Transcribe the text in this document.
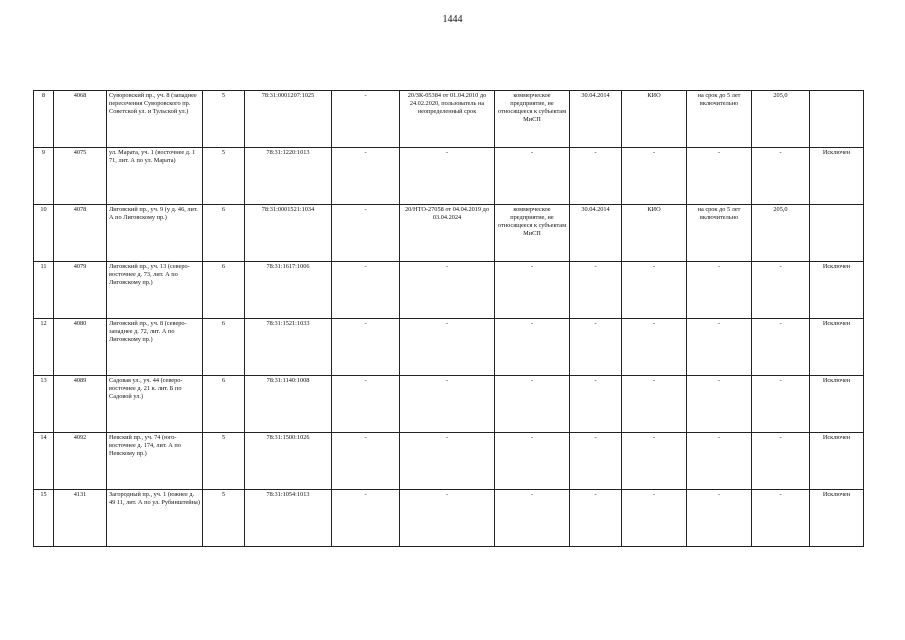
1444
8	4068	Суворовский пр., уч. 8 (западнее пересечения Суворовского пр. Советской ул. и Тульской ул.)	5	78:31:0001207:1025	-	20/ЗК-05384 от 01.04.2010 до 24.02.2020, пользователь на неопределенный срок	коммерческое предприятие, не относящееся к субъектам МиСП	30.04.2014	КИО	на срок до 5 лет включительно	205,0	
9	4075	ул. Марата, уч. 1 (восточнее д. 1 71, лит. А по ул. Марата)	5	78:31:1220:1013	-	-	-	-	-	-	-	Исключен
10	4078	Лиговский пр., уч. 9 (у д. 46, лит. А по Лиговскому пр.)	6	78:31:0001521:1034	-	20/НТО-27058 от 04.04.2019 до 03.04.2024	коммерческое предприятие, не относящееся к субъектам МиСП	30.04.2014	КИО	на срок до 5 лет включительно	205,0	
11	4079	Лиговский пр., уч. 13 (северо-восточнее д. 73, лит. А по Лиговскому пр.)	6	78:31:1617:1006	-	-	-	-	-	-	-	Исключен
12	4080	Лиговский пр., уч. 8 (северо-западнее д. 72, лит. А по Лиговскому пр.)	6	78:31:1521:1033	-	-	-	-	-	-	-	Исключен
13	4089	Садовая ул., уч. 44 (северо-восточнее д. 21 к. лит. Б по Садовой ул.)	6	78:31:1140:1008	-	-	-	-	-	-	-	Исключен
14	4092	Невский пр., уч. 74 (юго-восточнее д. 174, лит. А по Невскому пр.)	5	78:31:1500:1026	-	-	-	-	-	-	-	Исключен
15	4131	Загородный пр., уч. 1 (южнее д. 49 11, лит. А по ул. Рубинштейна)	5	78:31:1054:1013	-	-	-	-	-	-	-	Исключен
